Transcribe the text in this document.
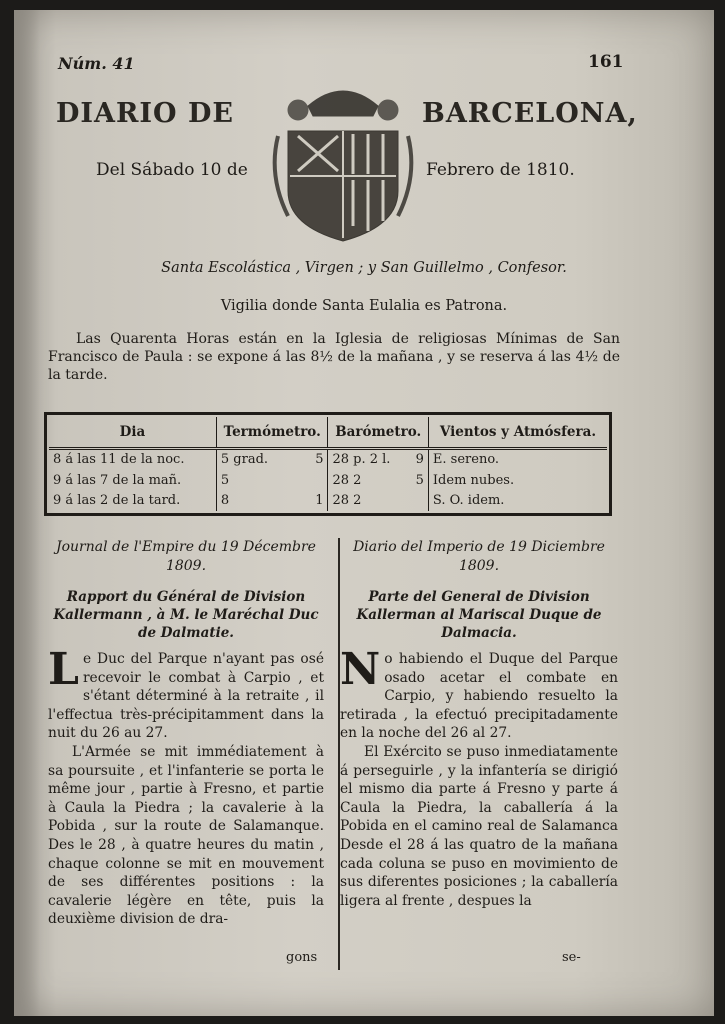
Núm. 41	161
DIARIO DE	BARCELONA,
Del Sábado 10 de	Febrero de 1810.
Santa Escolástica , Virgen ; y San Guillelmo , Confesor.
Vigilia donde Santa Eulalia es Patrona.
Las Quarenta Horas están en la Iglesia de religiosas Mínimas de San Francisco de Paula : se expone á las 8½ de la mañana , y se reserva á las 4½ de la tarde.
Dia	Termómetro.	Barómetro.	Vientos y Atmósfera.
8 á las 11 de la noc.	5 grad. 5	28 p. 2 l. 9	E. sereno.
9 á las 7 de la mañ.	5	28 2 5	Idem nubes.
9 á las 2 de la tard.	8 1	28 2	S. O. idem.
Journal de l'Empire du 19 Décembre 1809.
Rapport du Général de Division Kallermann , à M. le Maréchal Duc de Dalmatie.

Le Duc del Parque n'ayant pas osé recevoir le combat à Carpio , et s'étant déterminé à la retraite , il l'effectua très-précipitamment dans la nuit du 26 au 27.

L'Armée se mit immédiatement à sa poursuite , et l'infanterie se porta le même jour , partie à Fresno, et partie à Caula la Piedra ; la cavalerie à la Pobida , sur la route de Salamanque. Des le 28 , à quatre heures du matin , chaque colonne se mit en mouvement de ses différentes positions : la cavalerie légère en tête, puis la deuxième division de dra-

Diario del Imperio de 19 Diciembre 1809.
Parte del General de Division Kallerman al Mariscal Duque de Dalmacia.

No habiendo el Duque del Parque osado acetar el combate en Carpio, y habiendo resuelto la retirada , la efectuó precipitadamente en la noche del 26 al 27.

El Exército se puso inmediatamente á perseguirle , y la infantería se dirigió el mismo dia parte á Fresno y parte á Caula la Piedra, la caballería á la Pobida en el camino real de Salamanca Desde el 28 á las quatro de la mañana cada coluna se puso en movimiento de sus diferentes posiciones ; la caballería ligera al frente , despues la

gons	se-
